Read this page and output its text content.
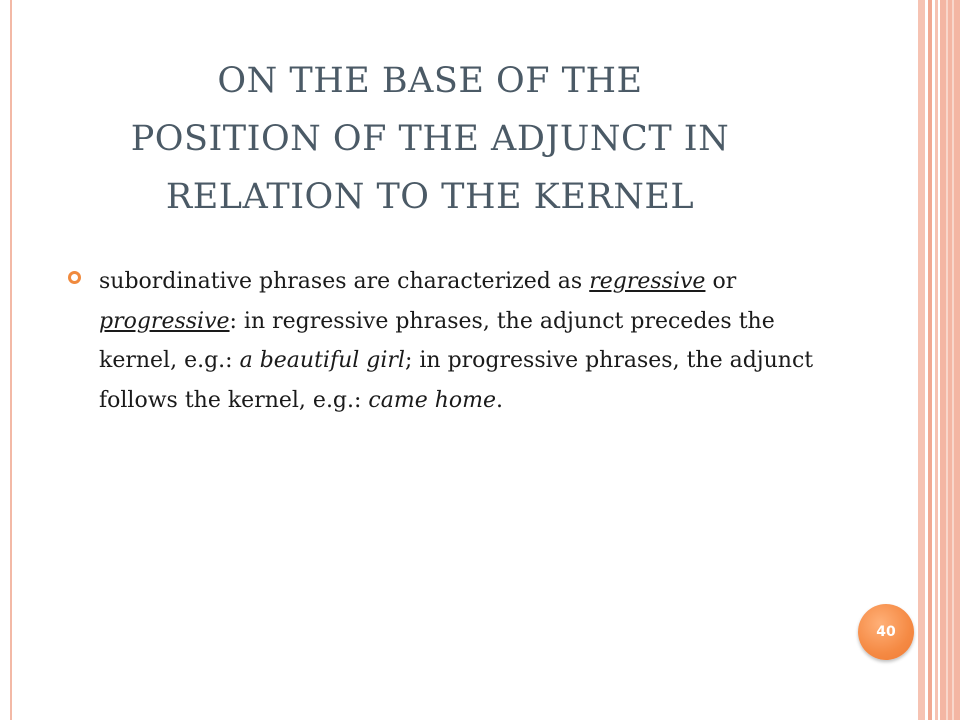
ON THE BASE OF THE
POSITION OF THE ADJUNCT IN
RELATION TO THE KERNEL
subordinative phrases are characterized as regressive or progressive: in regressive phrases, the adjunct precedes the kernel, e.g.: a beautiful girl; in progressive phrases, the adjunct follows the kernel, e.g.: came home.
40
